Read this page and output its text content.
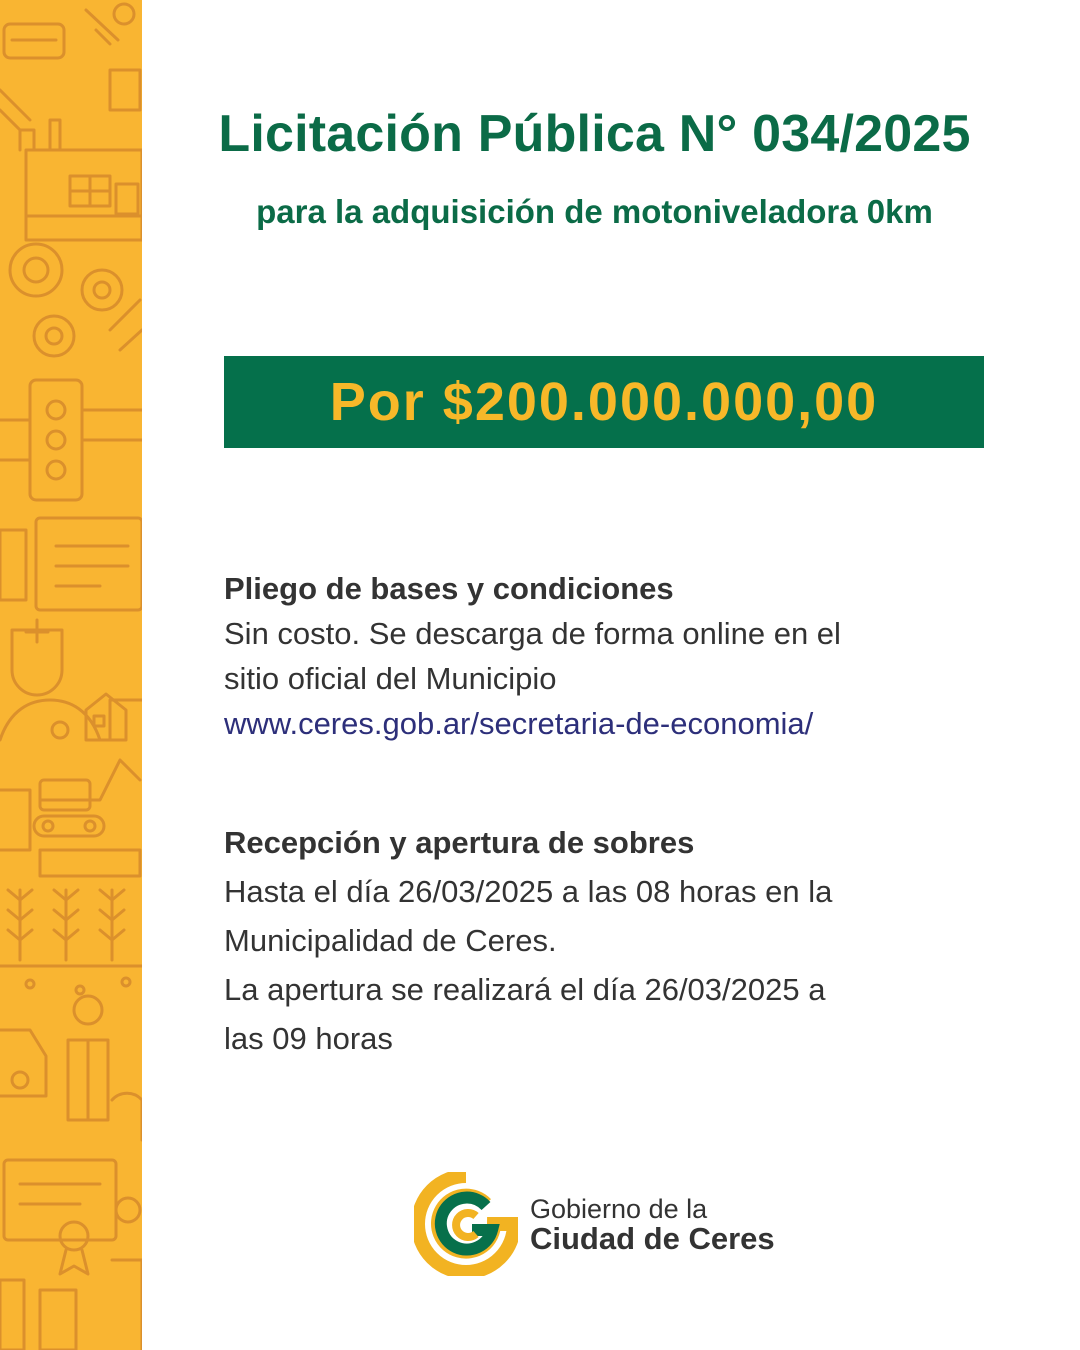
Licitación Pública N° 034/2025
para la adquisición de motoniveladora 0km
Por $200.000.000,00
Pliego de bases y condiciones
Sin costo. Se descarga de forma online en el
sitio oficial del Municipio
www.ceres.gob.ar/secretaria-de-economia/
Recepción y apertura de sobres
Hasta el día 26/03/2025 a las 08 horas en la
Municipalidad de Ceres.
La apertura se realizará el día 26/03/2025 a
las 09 horas
Gobierno de la
Ciudad de Ceres
